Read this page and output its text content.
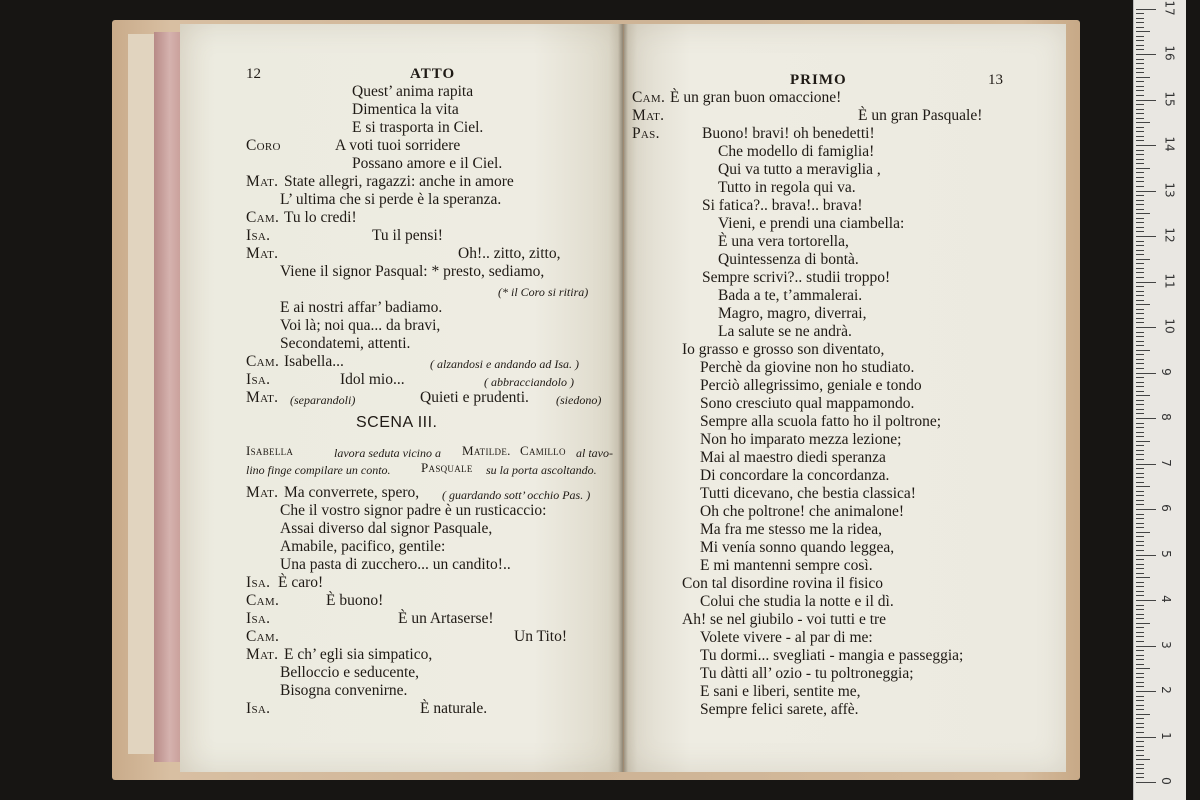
12	ATTO
Quest’ anima rapita
Dimentica la vita
E si trasporta in Ciel.
Coro	A voti tuoi sorridere
Possano amore e il Ciel.
Mat. State allegri, ragazzi: anche in amore
L’ ultima che si perde è la speranza.
Cam. Tu lo credi!
Isa.	Tu il pensi!
Mat.	Oh!.. zitto, zitto,
Viene il signor Pasqual: * presto, sediamo,
(* il Coro si ritira)
E ai nostri affar’ badiamo.
Voi là; noi qua... da bravi,
Secondatemi, attenti.
Cam. Isabella...	( alzandosi e andando ad Isa. )
Isa.	Idol mio...	( abbracciandolo )
Mat. (separandoli)	Quieti e prudenti. (siedono)
SCENA III.
Isabella	lavora seduta vicino a Matilde. Camillo al tavo-
lino finge compilare un conto. Pasquale su la porta ascoltando.
Mat. Ma converrete, spero, ( guardando sott’ occhio Pas. )
Che il vostro signor padre è un rusticaccio:
Assai diverso dal signor Pasquale,
Amabile, pacifico, gentile:
Una pasta di zucchero... un candito!..
Isa. È caro!
Cam.	È buono!
Isa.	È un Artaserse!
Cam.	Un Tito!
Mat. E ch’ egli sia simpatico,
Belloccio e seducente,
Bisogna convenirne.
Isa.	È naturale.
PRIMO	13
Cam. È un gran buon omaccione!
Mat.	È un gran Pasquale!
Pas.	Buono! bravi! oh benedetti!
Che modello di famiglia!
Qui va tutto a meraviglia ,
Tutto in regola qui va.
Si fatica?.. brava!.. brava!
Vieni, e prendi una ciambella:
È una vera tortorella,
Quintessenza di bontà.
Sempre scrivi?.. studii troppo!
Bada a te, t’ammalerai.
Magro, magro, diverrai,
La salute se ne andrà.
Io grasso e grosso son diventato,
Perchè da giovine non ho studiato.
Perciò allegrissimo, geniale e tondo
Sono cresciuto qual mappamondo.
Sempre alla scuola fatto ho il poltrone;
Non ho imparato mezza lezione;
Mai al maestro diedi speranza
Di concordare la concordanza.
Tutti dicevano, che bestia classica!
Oh che poltrone! che animalone!
Ma fra me stesso me la ridea,
Mi venía sonno quando leggea,
E mi mantenni sempre così.
Con tal disordine rovina il fisico
Colui che studia la notte e il dì.
Ah! se nel giubilo - voi tutti e tre
Volete vivere - al par di me:
Tu dormi... svegliati - mangia e passeggia;
Tu dàtti all’ ozio - tu poltroneggia;
E sani e liberi, sentite me,
Sempre felici sarete, affè.
0
1
2
3
4
5
6
7
8
9
10
11
12
13
14
15
16
17
